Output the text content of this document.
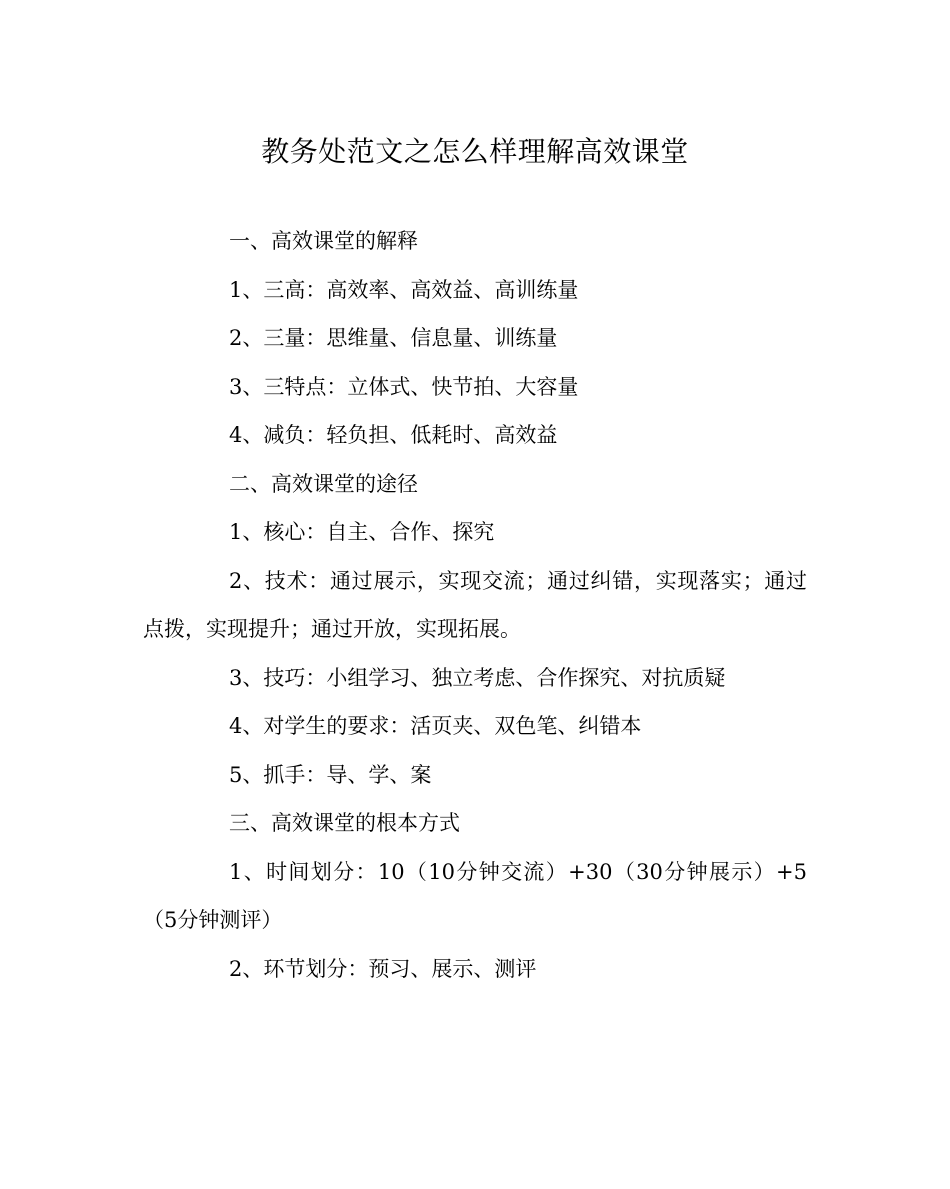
教务处范文之怎么样理解高效课堂

一、高效课堂的解释

1、三高：高效率、高效益、高训练量

2、三量：思维量、信息量、训练量

3、三特点：立体式、快节拍、大容量

4、减负：轻负担、低耗时、高效益

二、高效课堂的途径

1、核心：自主、合作、探究

2、技术：通过展示，实现交流；通过纠错，实现落实；通过点拨，实现提升；通过开放，实现拓展。

3、技巧：小组学习、独立考虑、合作探究、对抗质疑

4、对学生的要求：活页夹、双色笔、纠错本

5、抓手：导、学、案

三、高效课堂的根本方式

1、时间划分：10（10分钟交流）+30（30分钟展示）+5（5分钟测评）

2、环节划分：预习、展示、测评
